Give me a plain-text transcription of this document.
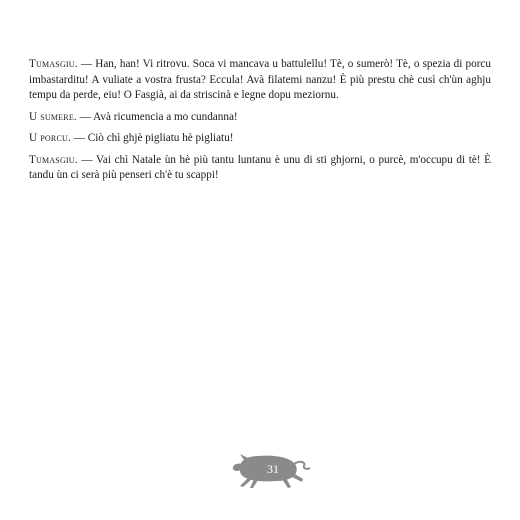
Tumasgiu. — Han, han! Vi ritrovu. Soca vi mancava u battulellu! Tè, o sumerò! Tè, o spezia di porcu imbastarditu! A vuliate a vostra frusta? Eccula! Avà filatemi nanzu! È più prestu chè cusì ch'ùn aghju tempu da perde, eiu! O Fasgià, ai da striscinà e legne dopu meziornu.

U sumere. — Avà ricumencia a mo cundanna!

U porcu. — Ciò chì ghjè pigliatu hè pigliatu!

Tumasgiu. — Vai chì Natale ùn hè più tantu luntanu è unu di sti ghjorni, o purcè, m'occupu di tè! È tandu ùn ci serà più penseri ch'è tu scappi!

31
